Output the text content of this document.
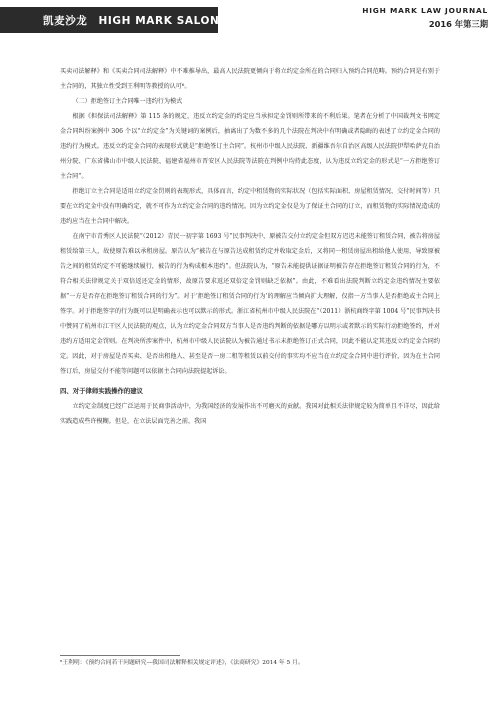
凯麦沙龙　HIGH MARK SALON
HIGH MARK LAW JOURNAL
2016 年第三期

买卖司法解释》和《买卖合同司法解释》中不难推导出，最高人民法院更倾向于将立约定金所在的合同归入预约合同范畴。预约合同是有别于主合同的，其独立性受到王利明等教授的认可⁶。

（二）拒绝签订主合同唯一违约行为模式

根据《担保法司法解释》第 115 条的规定，违反立约定金的约定应当承担定金罚则所带来的不利后果。笔者在分析了中国裁判文书网定金合同纠纷案例中 306 个以“立约定金”为关键词的案例后，抽离出了为数不多的几个法院在判决中有明确或者隐晦的表述了立约定金合同的违约行为模式。违反立约定金合同的表现形式就是“拒绝签订主合同”。杭州市中级人民法院、新疆维吾尔自治区高级人民法院伊犁哈萨克自治州分院、广东省佛山市中级人民法院、福建省福州市晋安区人民法院等法院在判例中均持此态度，认为违反立约定金的形式是“一方拒绝签订主合同”。

拒绝订立主合同是适用立约定金罚则的表现形式，具体而言，约定中租赁物的实际状况（包括实际面积、房屋租赁情况、交付时间等）只要在立约定金中没有明确约定，就不可作为立约定金合同的违约情况。因为立约定金仅是为了保证主合同的订立，而租赁物的实际情况造成的违约应当在主合同中解决。

在南宁市青秀区人民法院“（2012）青民一初字第 1693 号”民事判决中，原被告交付立约定金但双方迟迟未能签订租赁合同，被告将房屋租赁给第三人，故使原告难以承租房屋。原告认为“被告在与原告达成租赁约定并收取定金后，又将同一租赁房屋出租给他人使用，导致原被告之间的租赁约定不可能继续履行，被告的行为构成根本违约”。但法院认为，“原告未能提供证据证明被告存在拒绝签订租赁合同的行为，不符合相关法律规定关于双倍返还定金的情形，故原告要求返还双倍定金罚则缺乏依据”。由此，不难看出法院判断立约定金违约情况主要依据“一方是否存在拒绝签订租赁合同的行为”。对于‘拒绝签订租赁合同的行为’的理解应当倾向扩大理解，仅指一方当事人是否拒绝或主合同上签字。对于拒绝签字的行为既可以是明确表示也可以默示的形式。浙江省杭州市中级人民法院在“（2011）浙杭商终字第 1004 号”民事判决书中赞同了杭州市江干区人民法院的观点，认为立约定金合同双方当事人是否违约判断的依据是哪方以明示或者默示的实际行动拒绝签约，并对违约方适用定金罚则。在判决所涉案件中，杭州市中级人民法院认为被告通过书示未拒绝签订正式合同，因此不能认定其违反立约定金合同约定。因此，对于房屋是否买卖、是否出租他人、甚至是否一房二租等租赁以前交付的事实均不应当在立约定金合同中进行评价，因为在主合同签订后，房屋交付不能等问题可以依据主合同向法院提起诉讼。

四、对于律师实践操作的建议

立约定金制度已经广泛运用于民商事活动中，为我国经济的发展作出不可磨灭的贡献。我国对此相关法律规定较为简单且不详尽，因此给实践造成些许模糊。但是，在立法层面完善之前，我国

⁶王利明：《预约合同若干问题研究—我国司法解释相关规定评述》，《法商研究》2014 年 5 月。
